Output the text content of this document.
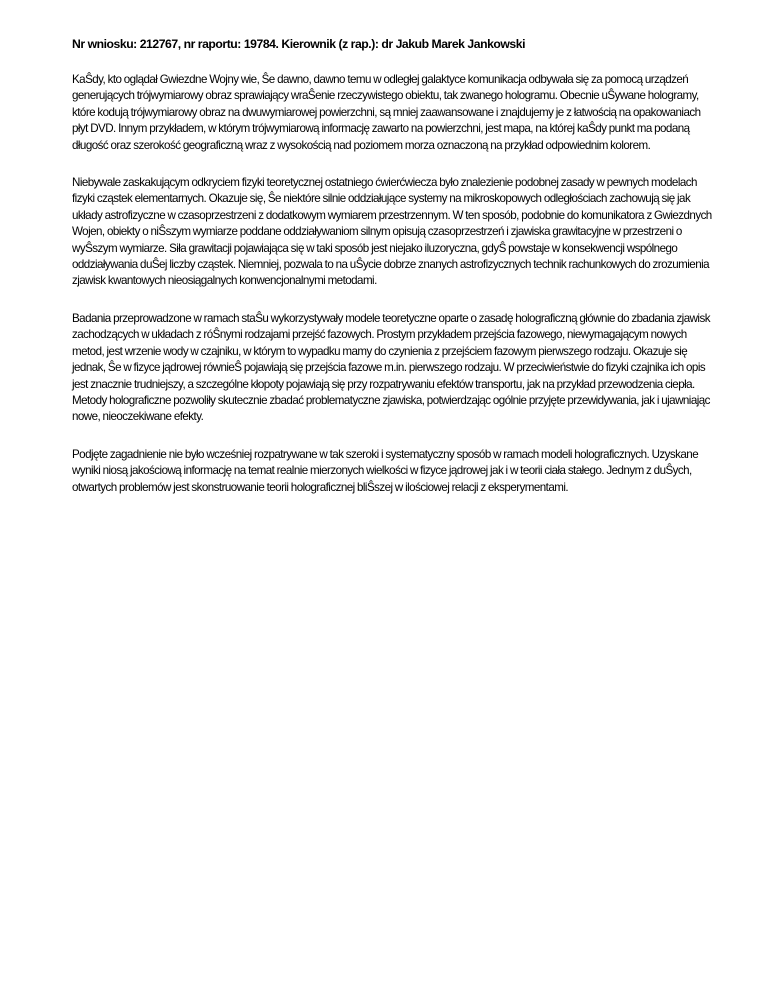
Nr wniosku: 212767, nr raportu: 19784. Kierownik (z rap.): dr Jakub Marek Jankowski

KaŜdy, kto oglądał Gwiezdne Wojny wie, Ŝe dawno, dawno temu w odległej galaktyce komunikacja odbywała się za pomocą urządzeń generujących trójwymiarowy obraz sprawiający wraŜenie rzeczywistego obiektu, tak zwanego hologramu. Obecnie uŜywane hologramy, które kodują trójwymiarowy obraz na dwuwymiarowej powierzchni, są mniej zaawansowane i znajdujemy je z łatwością na opakowaniach płyt DVD. Innym przykładem, w którym trójwymiarową informację zawarto na powierzchni, jest mapa, na której kaŜdy punkt ma podaną długość oraz szerokość geograficzną wraz z wysokością nad poziomem morza oznaczoną na przykład odpowiednim kolorem.

Niebywale zaskakującym odkryciem fizyki teoretycznej ostatniego ćwierćwiecza było znalezienie podobnej zasady w pewnych modelach fizyki cząstek elementarnych. Okazuje się, Ŝe niektóre silnie oddziałujące systemy na mikroskopowych odległościach zachowują się jak układy astrofizyczne w czasoprzestrzeni z dodatkowym wymiarem przestrzennym. W ten sposób, podobnie do komunikatora z Gwiezdnych Wojen, obiekty o niŜszym wymiarze poddane oddziaływaniom silnym opisują czasoprzestrzeń i zjawiska grawitacyjne w przestrzeni o wyŜszym wymiarze. Siła grawitacji pojawiająca się w taki sposób jest niejako iluzoryczna, gdyŜ powstaje w konsekwencji wspólnego oddziaływania duŜej liczby cząstek. Niemniej, pozwala to na uŜycie dobrze znanych astrofizycznych technik rachunkowych do zrozumienia zjawisk kwantowych nieosiągalnych konwencjonalnymi metodami.

Badania przeprowadzone w ramach staŜu wykorzystywały modele teoretyczne oparte o zasadę holograficzną głównie do zbadania zjawisk zachodzących w układach z róŜnymi rodzajami przejść fazowych. Prostym przykładem przejścia fazowego, niewymagającym nowych metod, jest wrzenie wody w czajniku, w którym to wypadku mamy do czynienia z przejściem fazowym pierwszego rodzaju. Okazuje się jednak, Ŝe w fizyce jądrowej równieŜ pojawiają się przejścia fazowe m.in. pierwszego rodzaju. W przeciwieństwie do fizyki czajnika ich opis jest znacznie trudniejszy, a szczególne kłopoty pojawiają się przy rozpatrywaniu efektów transportu, jak na przykład przewodzenia ciepła. Metody holograficzne pozwoliły skutecznie zbadać problematyczne zjawiska, potwierdzając ogólnie przyjęte przewidywania, jak i ujawniając nowe, nieoczekiwane efekty.

Podjęte zagadnienie nie było wcześniej rozpatrywane w tak szeroki i systematyczny sposób w ramach modeli holograficznych. Uzyskane wyniki niosą jakościową informację na temat realnie mierzonych wielkości w fizyce jądrowej jak i w teorii ciała stałego. Jednym z duŜych, otwartych problemów jest skonstruowanie teorii holograficznej bliŜszej w ilościowej relacji z eksperymentami.
